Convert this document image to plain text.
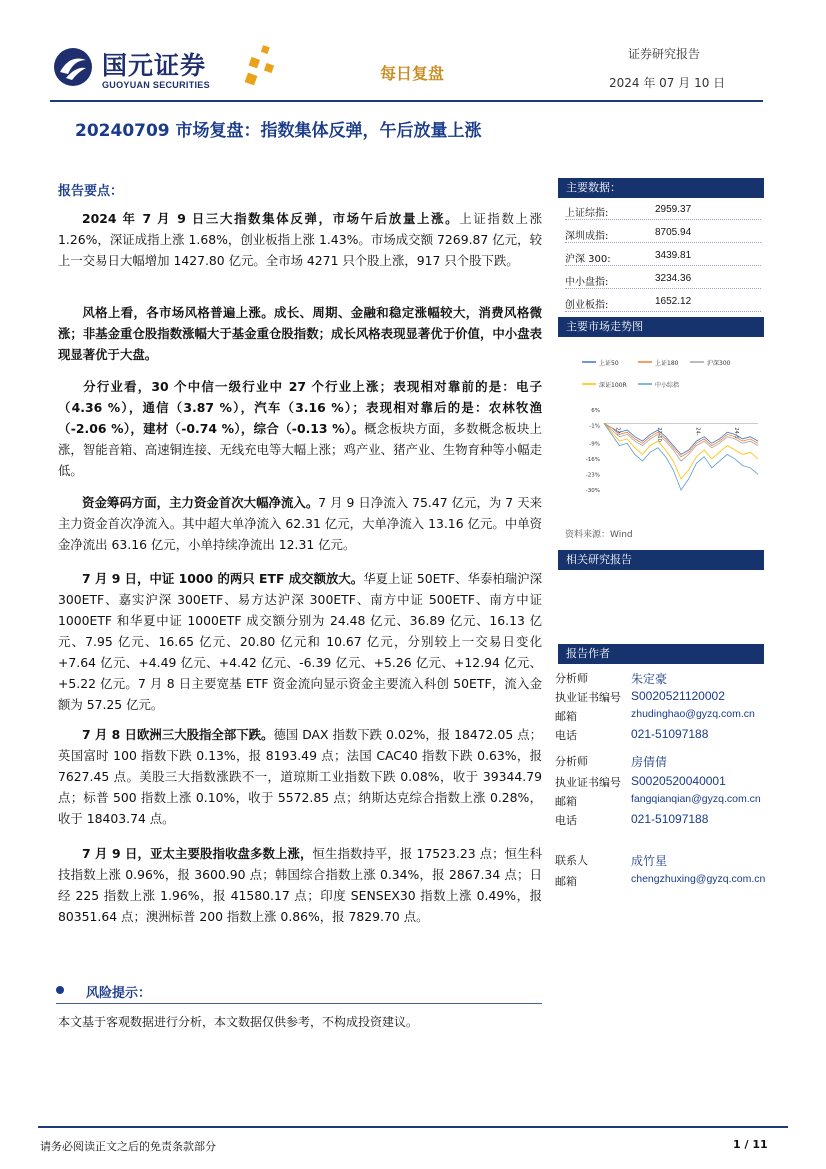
国元证券
GUOYUAN SECURITIES
每日复盘
证券研究报告
2024 年 07 月 10 日
20240709 市场复盘：指数集体反弹，午后放量上涨
报告要点：
2024 年 7 月 9 日三大指数集体反弹，市场午后放量上涨。上证指数上涨 1.26%，深证成指上涨 1.68%，创业板指上涨 1.43%。市场成交额 7269.87 亿元，较上一交易日大幅增加 1427.80 亿元。全市场 4271 只个股上涨，917 只个股下跌。
风格上看，各市场风格普遍上涨。成长、周期、金融和稳定涨幅较大，消费风格微涨；非基金重仓股指数涨幅大于基金重仓股指数；成长风格表现显著优于价值，中小盘表现显著优于大盘。
分行业看，30 个中信一级行业中 27 个行业上涨；表现相对靠前的是：电子（4.36 %），通信（3.87 %），汽车（3.16 %）；表现相对靠后的是：农林牧渔（-2.06 %），建材（-0.74 %），综合（-0.13 %）。概念板块方面，多数概念板块上涨，智能音箱、高速铜连接、无线充电等大幅上涨；鸡产业、猪产业、生物育种等小幅走低。
资金筹码方面，主力资金首次大幅净流入。7 月 9 日净流入 75.47 亿元，为 7 天来主力资金首次净流入。其中超大单净流入 62.31 亿元，大单净流入 13.16 亿元。中单资金净流出 63.16 亿元，小单持续净流出 12.31 亿元。
7 月 9 日，中证 1000 的两只 ETF 成交额放大。华夏上证 50ETF、华泰柏瑞沪深 300ETF、嘉实沪深 300ETF、易方达沪深 300ETF、南方中证 500ETF、南方中证 1000ETF 和华夏中证 1000ETF 成交额分别为 24.48 亿元、36.89 亿元、16.13 亿元、7.95 亿元、16.65 亿元、20.80 亿元和 10.67 亿元，分别较上一交易日变化+7.64 亿元、+4.49 亿元、+4.42 亿元、-6.39 亿元、+5.26 亿元、+12.94 亿元、+5.22 亿元。7 月 8 日主要宽基 ETF 资金流向显示资金主要流入科创 50ETF，流入金额为 57.25 亿元。
7 月 8 日欧洲三大股指全部下跌。德国 DAX 指数下跌 0.02%，报 18472.05 点；英国富时 100 指数下跌 0.13%，报 8193.49 点；法国 CAC40 指数下跌 0.63%，报 7627.45 点。美股三大指数涨跌不一，道琼斯工业指数下跌 0.08%，收于 39344.79 点；标普 500 指数上涨 0.10%，收于 5572.85 点；纳斯达克综合指数上涨 0.28%，收于 18403.74 点。
7 月 9 日，亚太主要股指收盘多数上涨，恒生指数持平，报 17523.23 点；恒生科技指数上涨 0.96%，报 3600.90 点；韩国综合指数上涨 0.34%，报 2867.34 点；日经 225 指数上涨 1.96%，报 41580.17 点；印度 SENSEX30 指数上涨 0.49%，报 80351.64 点；澳洲标普 200 指数上涨 0.86%，报 7829.70 点。
风险提示：
本文基于客观数据进行分析，本文数据仅供参考，不构成投资建议。
主要数据：
上证综指:	2959.37
深圳成指:	8705.94
沪深 300:	3439.81
中小盘指:	3234.36
创业板指:	1652.12
主要市场走势图
上证50	上证180	沪深300
深证100R	中小综指
6%
-1%
-9%
-16%
-23%
-30%
23-	23-10	24-	24-5
资料来源：Wind
相关研究报告
报告作者
分析师	朱定豪
执业证书编号 S0020521120002
邮箱	zhudinghao@gyzq.com.cn
电话	021-51097188
分析师	房倩倩
执业证书编号 S0020520040001
邮箱	fangqianqian@gyzq.com.cn
电话	021-51097188
联系人	成竹星
邮箱	chengzhuxing@gyzq.com.cn
请务必阅读正文之后的免责条款部分	1 / 11
